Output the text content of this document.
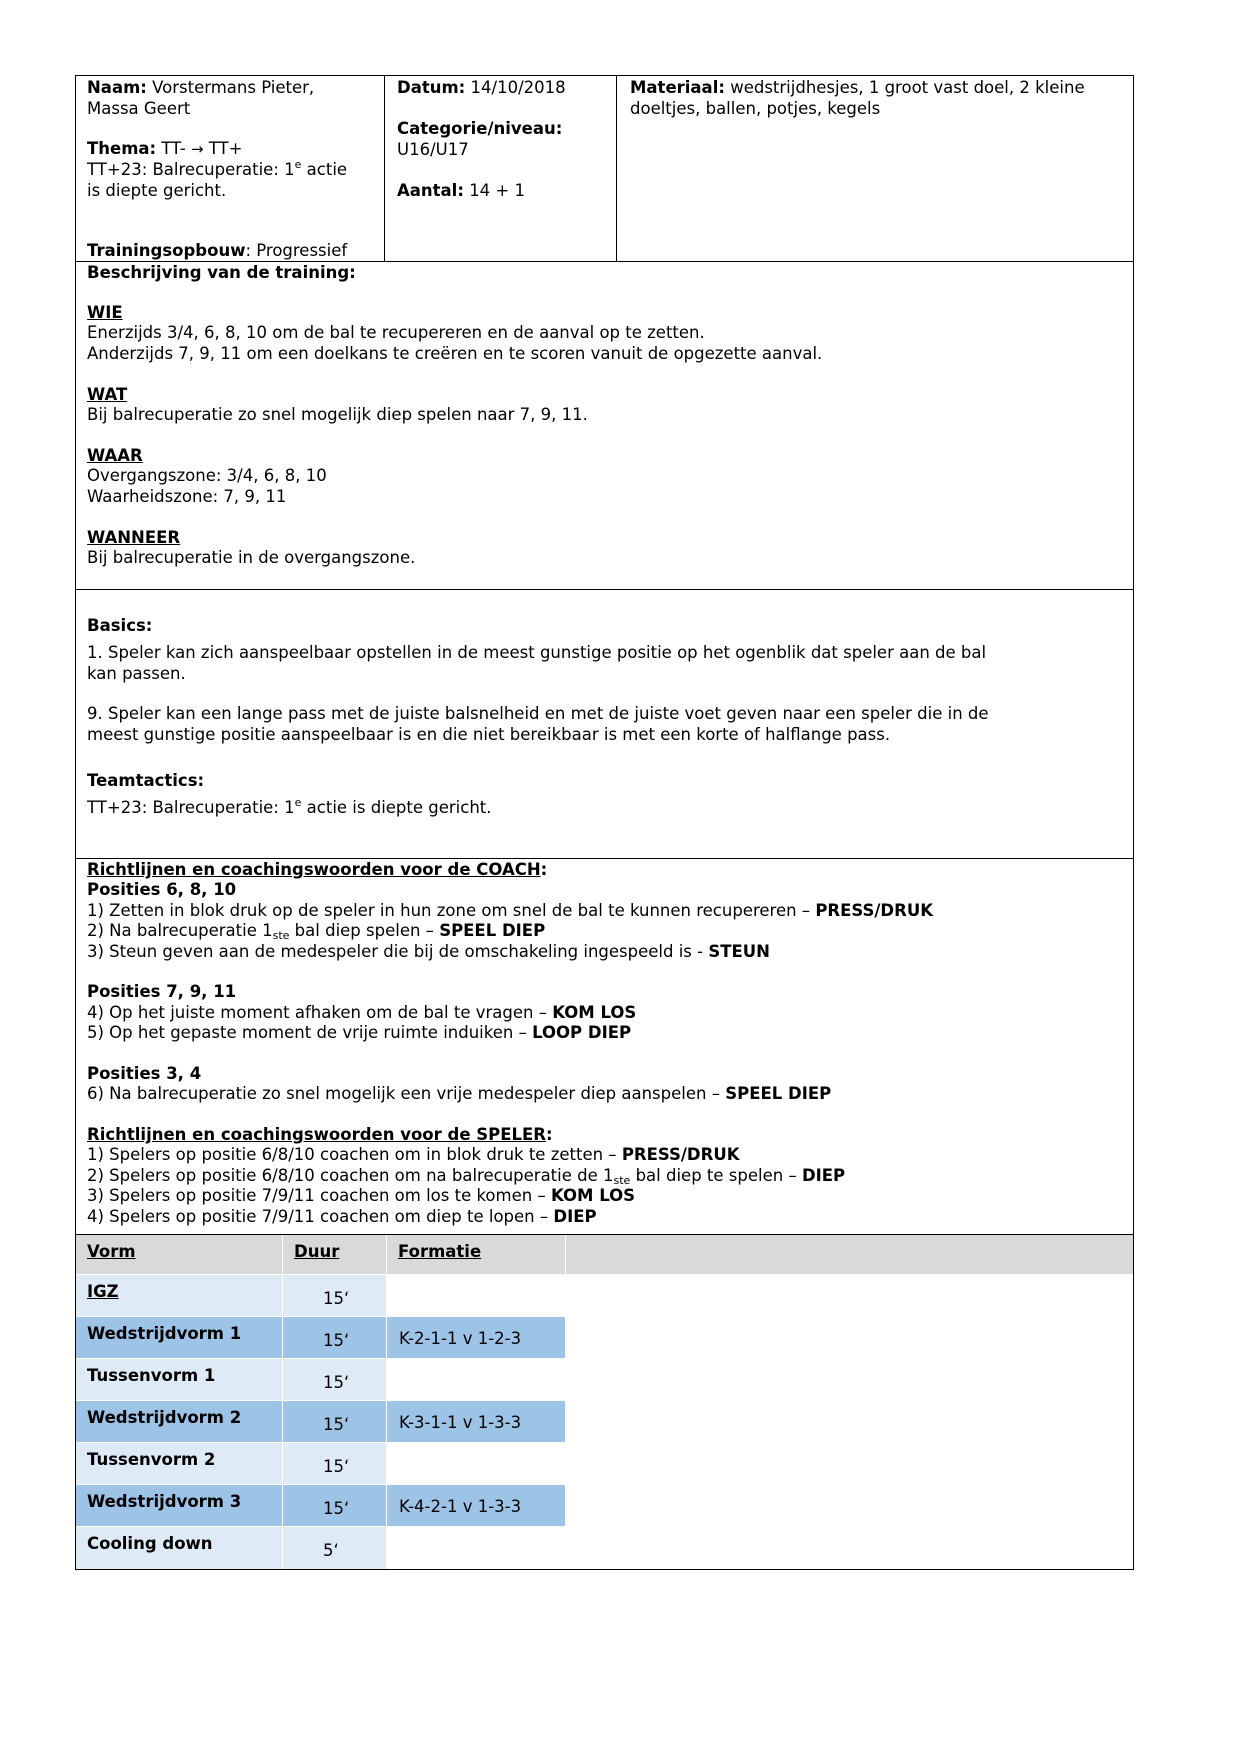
Naam: Vorstermans Pieter,
Massa Geert
Thema: TT- → TT+
TT+23: Balrecuperatie: 1e actie
is diepte gericht.
Trainingsopbouw: Progressief
Datum: 14/10/2018
Categorie/niveau:
U16/U17
Aantal: 14 + 1
Materiaal: wedstrijdhesjes, 1 groot vast doel, 2 kleine
doeltjes, ballen, potjes, kegels
Beschrijving van de training:
WIE
Enerzijds 3/4, 6, 8, 10 om de bal te recupereren en de aanval op te zetten.
Anderzijds 7, 9, 11 om een doelkans te creëren en te scoren vanuit de opgezette aanval.
WAT
Bij balrecuperatie zo snel mogelijk diep spelen naar 7, 9, 11.
WAAR
Overgangszone: 3/4, 6, 8, 10
Waarheidszone: 7, 9, 11
WANNEER
Bij balrecuperatie in de overgangszone.
Basics:
1. Speler kan zich aanspeelbaar opstellen in de meest gunstige positie op het ogenblik dat speler aan de bal
kan passen.
9. Speler kan een lange pass met de juiste balsnelheid en met de juiste voet geven naar een speler die in de
meest gunstige positie aanspeelbaar is en die niet bereikbaar is met een korte of halflange pass.
Teamtactics:
TT+23: Balrecuperatie: 1e actie is diepte gericht.
Richtlijnen en coachingswoorden voor de COACH:
Posities 6, 8, 10
1) Zetten in blok druk op de speler in hun zone om snel de bal te kunnen recupereren – PRESS/DRUK
2) Na balrecuperatie 1ste bal diep spelen – SPEEL DIEP
3) Steun geven aan de medespeler die bij de omschakeling ingespeeld is - STEUN
Posities 7, 9, 11
4) Op het juiste moment afhaken om de bal te vragen – KOM LOS
5) Op het gepaste moment de vrije ruimte induiken – LOOP DIEP
Posities 3, 4
6) Na balrecuperatie zo snel mogelijk een vrije medespeler diep aanspelen – SPEEL DIEP
Richtlijnen en coachingswoorden voor de SPELER:
1) Spelers op positie 6/8/10 coachen om in blok druk te zetten – PRESS/DRUK
2) Spelers op positie 6/8/10 coachen om na balrecuperatie de 1ste bal diep te spelen – DIEP
3) Spelers op positie 7/9/11 coachen om los te komen – KOM LOS
4) Spelers op positie 7/9/11 coachen om diep te lopen – DIEP
Vorm	Duur	Formatie
IGZ	15‘
Wedstrijdvorm 1	15‘	K-2-1-1 v 1-2-3
Tussenvorm 1	15‘
Wedstrijdvorm 2	15‘	K-3-1-1 v 1-3-3
Tussenvorm 2	15‘
Wedstrijdvorm 3	15‘	K-4-2-1 v 1-3-3
Cooling down	5‘
